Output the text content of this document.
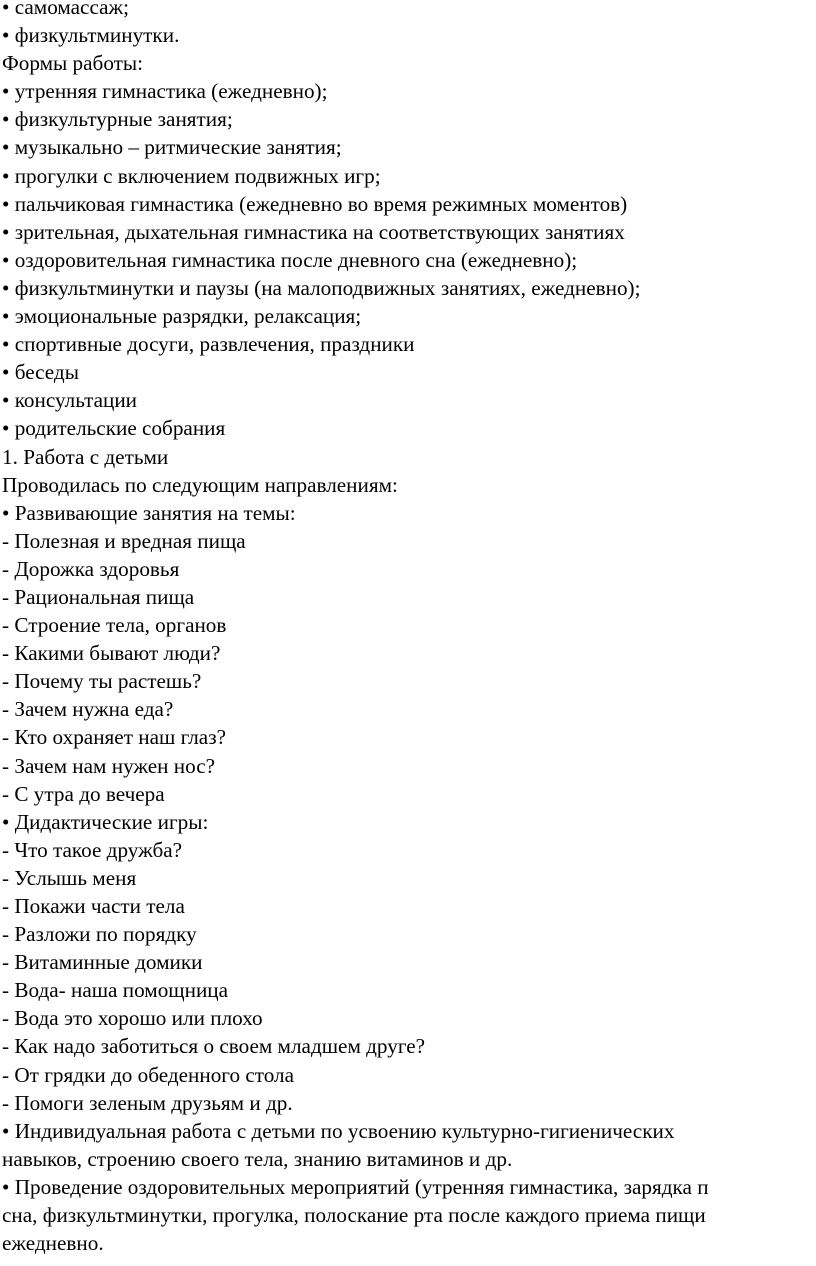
• самомассаж;
• физкультминутки.
Формы работы:
• утренняя гимнастика (ежедневно);
• физкультурные занятия;
• музыкально – ритмические занятия;
• прогулки с включением подвижных игр;
• пальчиковая гимнастика (ежедневно во время режимных моментов)
• зрительная, дыхательная гимнастика на соответствующих занятиях
• оздоровительная гимнастика после дневного сна (ежедневно);
• физкультминутки и паузы (на малоподвижных занятиях, ежедневно);
• эмоциональные разрядки, релаксация;
• спортивные досуги, развлечения, праздники
• беседы
• консультации
• родительские собрания
1. Работа с детьми
Проводилась по следующим направлениям:
• Развивающие занятия на темы:
- Полезная и вредная пища
- Дорожка здоровья
- Рациональная пища
- Строение тела, органов
- Какими бывают люди?
- Почему ты растешь?
- Зачем нужна еда?
- Кто охраняет наш глаз?
- Зачем нам нужен нос?
- С утра до вечера
• Дидактические игры:
- Что такое дружба?
- Услышь меня
- Покажи части тела
- Разложи по порядку
- Витаминные домики
- Вода- наша помощница
- Вода это хорошо или плохо
- Как надо заботиться о своем младшем друге?
- От грядки до обеденного стола
- Помоги зеленым друзьям и др.
• Индивидуальная работа с детьми по усвоению культурно-гигиенических
навыков, строению своего тела, знанию витаминов и др.
• Проведение оздоровительных мероприятий (утренняя гимнастика, зарядка п
сна, физкультминутки, прогулка, полоскание рта после каждого приема пищи
ежедневно.
